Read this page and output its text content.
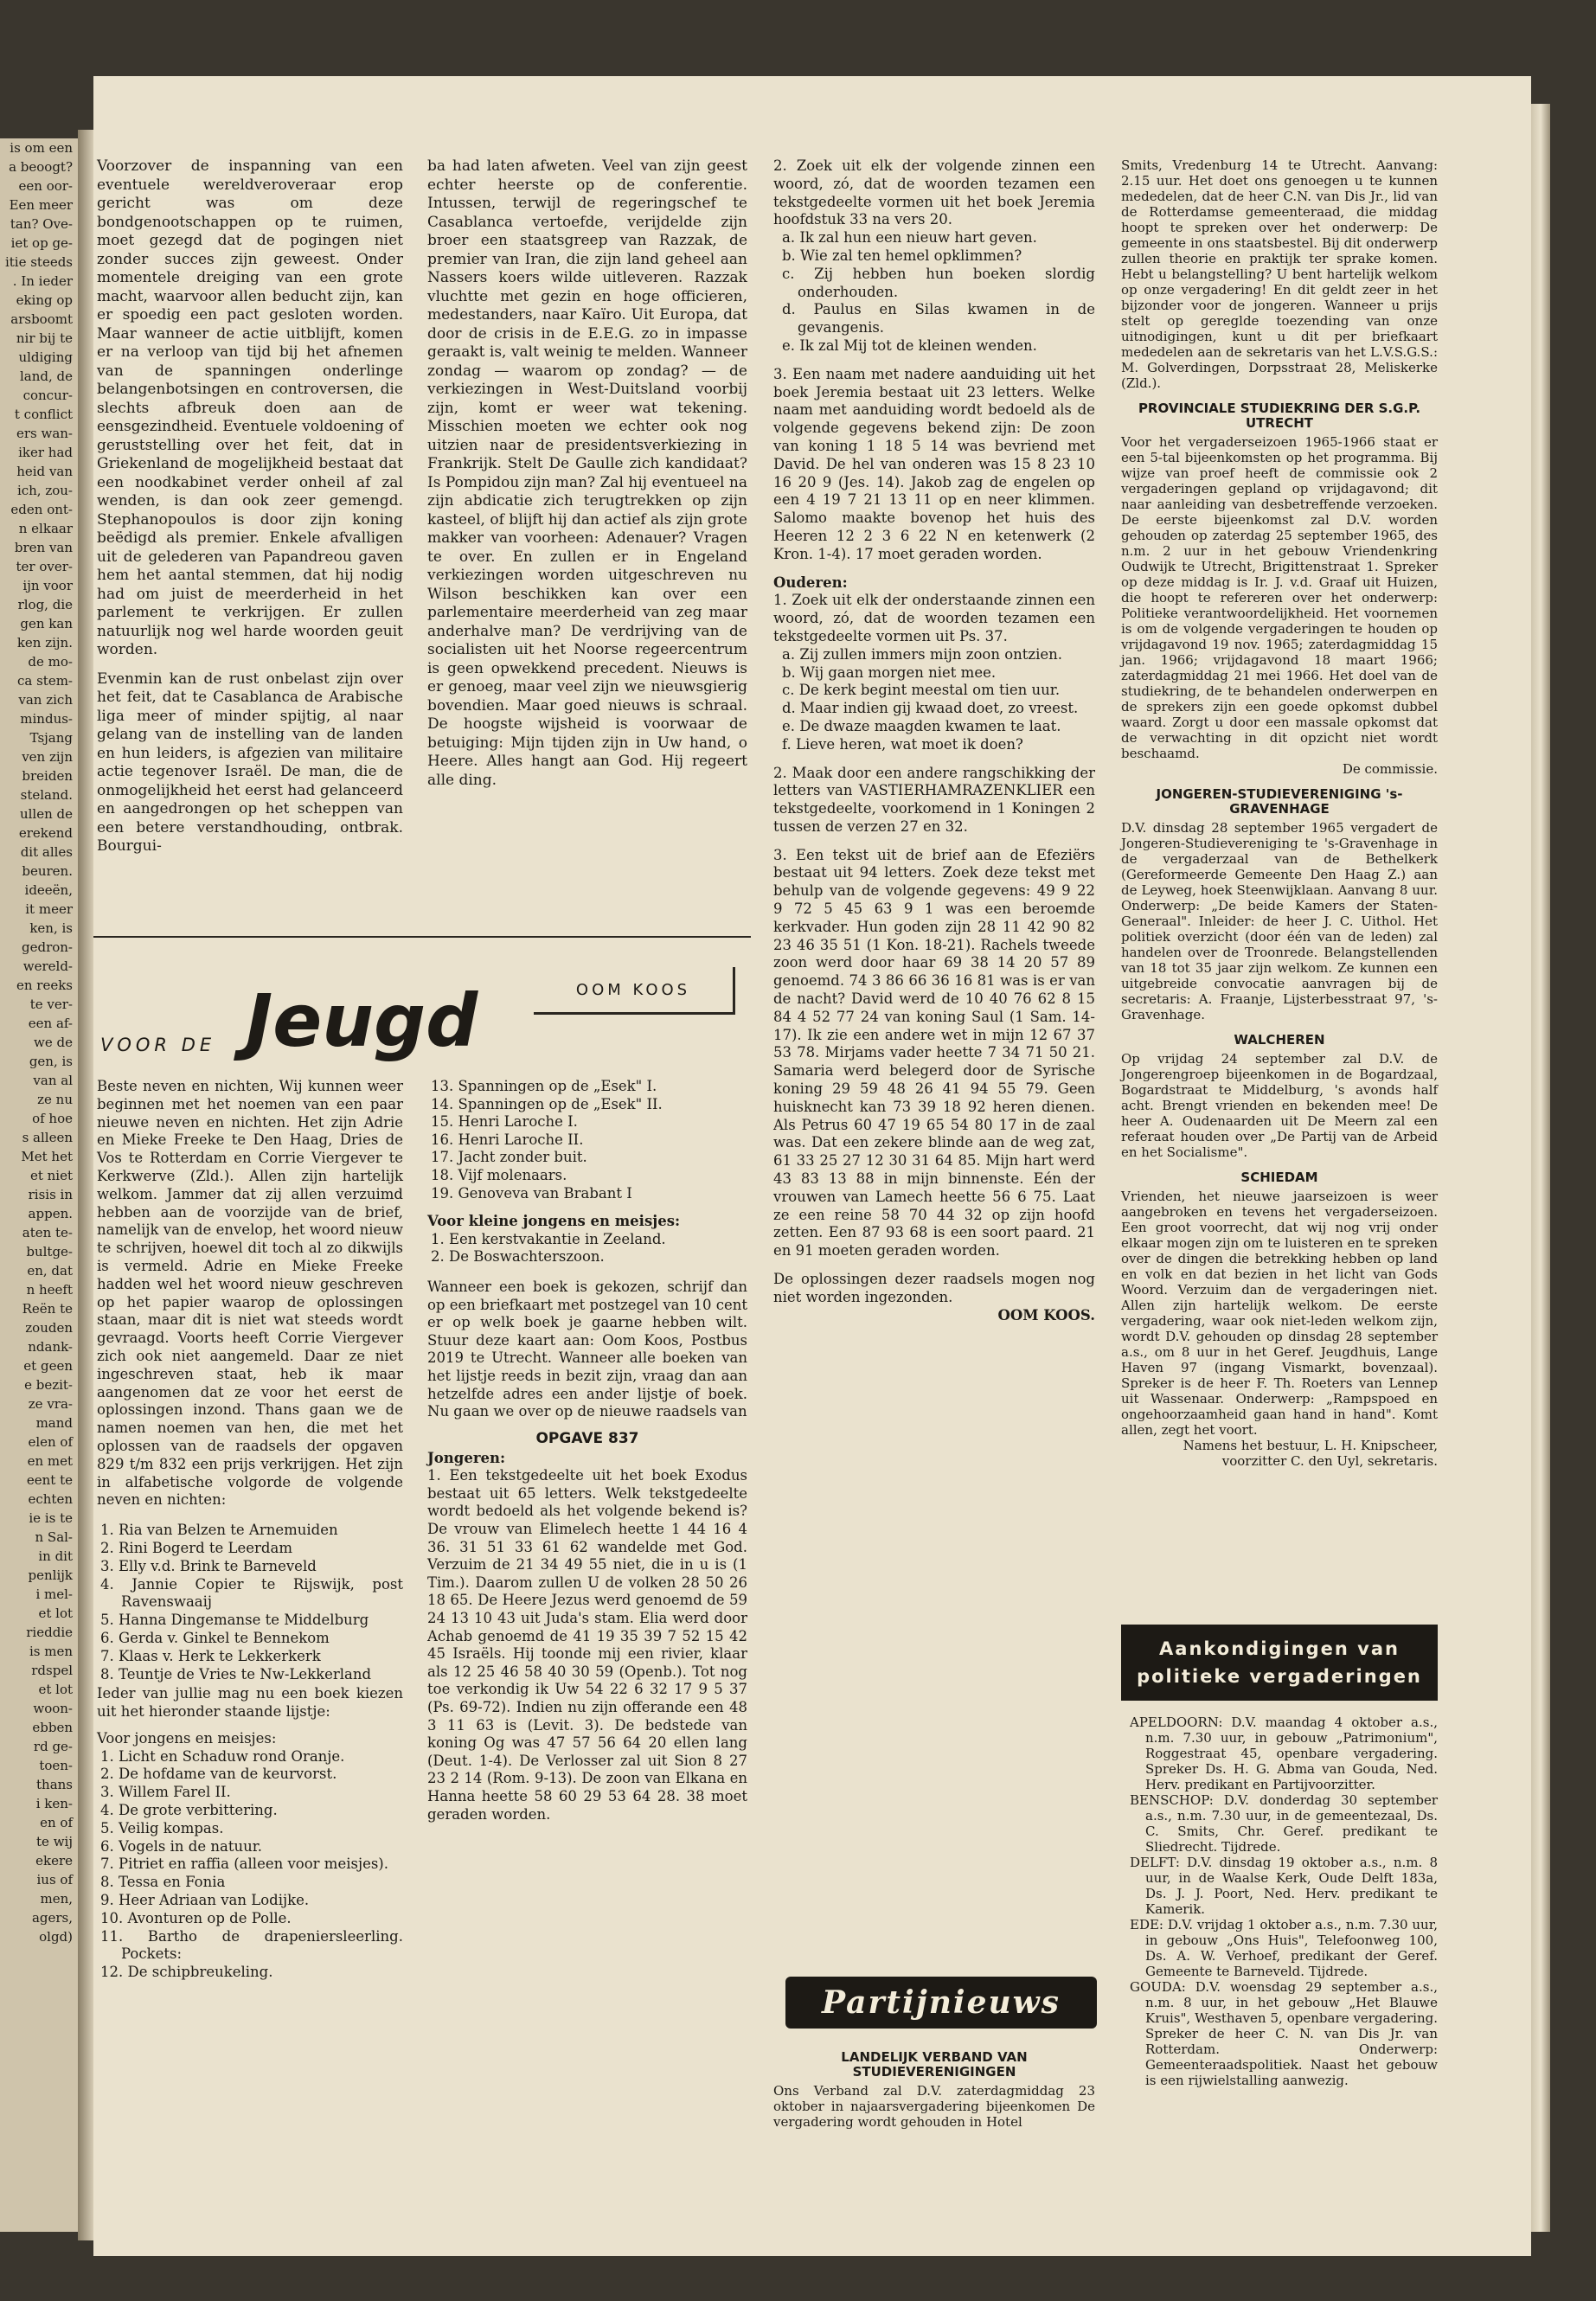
is om een
a beoogt?
een oor-
Een meer
tan? Ove-
iet op ge-
itie steeds
. In ieder
eking op
arsboomt
nir bij te
uldiging
land, de
concur-
t conflict
ers wan-
iker had
heid van
ich, zou-
eden ont-
n elkaar
bren van
ter over-
ijn voor
rlog, die
gen kan
ken zijn.
de mo-
ca stem-
van zich
mindus-
Tsjang
ven zijn
breiden
steland.
ullen de
erekend
dit alles
beuren.
ideeën,
it meer
ken, is
gedron-
wereld-
en reeks
te ver-
een af-
we de
gen, is
van al
ze nu
of hoe
s alleen
Met het
et niet
risis in
appen.
aten te-
bultge-
en, dat
n heeft
Reën te
zouden
ndank-
et geen
e bezit-
ze vra-
mand
elen of
en met
eent te
echten
ie is te
n Sal-
in dit
penlijk
i mel-
et lot
rieddie
is men
rdspel
et lot
woon-
ebben
rd ge-
toen-
thans
i ken-
en of
te wij
ekere
ius of
men,
agers,
olgd)

Voorzover de inspanning van een eventuele wereldveroveraar erop gericht was om deze bondgenootschappen op te ruimen, moet gezegd dat de pogingen niet zonder succes zijn geweest. Onder momentele dreiging van een grote macht, waarvoor allen beducht zijn, kan er spoedig een pact gesloten worden. Maar wanneer de actie uitblijft, komen er na verloop van tijd bij het afnemen van de spanningen onderlinge belangenbotsingen en controversen, die slechts afbreuk doen aan de eensgezindheid. Eventuele voldoening of geruststelling over het feit, dat in Griekenland de mogelijkheid bestaat dat een noodkabinet verder onheil af zal wenden, is dan ook zeer gemengd. Stephanopoulos is door zijn koning beëdigd als premier. Enkele afvalligen uit de gelederen van Papandreou gaven hem het aantal stemmen, dat hij nodig had om juist de meerderheid in het parlement te verkrijgen. Er zullen natuurlijk nog wel harde woorden geuit worden.

Evenmin kan de rust onbelast zijn over het feit, dat te Casablanca de Arabische liga meer of minder spijtig, al naar gelang van de instelling van de landen en hun leiders, is afgezien van militaire actie tegenover Israël. De man, die de onmogelijkheid het eerst had gelanceerd en aangedrongen op het scheppen van een betere verstandhouding, ontbrak. Bourgui-

ba had laten afweten. Veel van zijn geest echter heerste op de conferentie. Intussen, terwijl de regeringschef te Casablanca vertoefde, verijdelde zijn broer een staatsgreep van Razzak, de premier van Iran, die zijn land geheel aan Nassers koers wilde uitleveren. Razzak vluchtte met gezin en hoge officieren, medestanders, naar Kaïro. Uit Europa, dat door de crisis in de E.E.G. zo in impasse geraakt is, valt weinig te melden. Wanneer zondag — waarom op zondag? — de verkiezingen in West-Duitsland voorbij zijn, komt er weer wat tekening. Misschien moeten we echter ook nog uitzien naar de presidentsverkiezing in Frankrijk. Stelt De Gaulle zich kandidaat? Is Pompidou zijn man? Zal hij eventueel na zijn abdicatie zich terugtrekken op zijn kasteel, of blijft hij dan actief als zijn grote makker van voorheen: Adenauer? Vragen te over. En zullen er in Engeland verkiezingen worden uitgeschreven nu Wilson beschikken kan over een parlementaire meerderheid van zeg maar anderhalve man? De verdrijving van de socialisten uit het Noorse regeercentrum is geen opwekkend precedent. Nieuws is er genoeg, maar veel zijn we nieuwsgierig bovendien. Maar goed nieuws is schraal. De hoogste wijsheid is voorwaar de betuiging: Mijn tijden zijn in Uw hand, o Heere. Alles hangt aan God. Hij regeert alle ding.

OOM KOOS
VOOR DE Jeugd

Beste neven en nichten, Wij kunnen weer beginnen met het noemen van een paar nieuwe neven en nichten. Het zijn Adrie en Mieke Freeke te Den Haag, Dries de Vos te Rotterdam en Corrie Viergever te Kerkwerve (Zld.). Allen zijn hartelijk welkom. Jammer dat zij allen verzuimd hebben aan de voorzijde van de brief, namelijk van de envelop, het woord nieuw te schrijven, hoewel dit toch al zo dikwijls is vermeld. Adrie en Mieke Freeke hadden wel het woord nieuw geschreven op het papier waarop de oplossingen staan, maar dit is niet wat steeds wordt gevraagd. Voorts heeft Corrie Viergever zich ook niet aangemeld. Daar ze niet ingeschreven staat, heb ik maar aangenomen dat ze voor het eerst de oplossingen inzond. Thans gaan we de namen noemen van hen, die met het oplossen van de raadsels der opgaven 829 t/m 832 een prijs verkrijgen. Het zijn in alfabetische volgorde de volgende neven en nichten:

1. Ria van Belzen te Arnemuiden
2. Rini Bogerd te Leerdam
3. Elly v.d. Brink te Barneveld
4. Jannie Copier te Rijswijk, post Ravenswaaij
5. Hanna Dingemanse te Middelburg
6. Gerda v. Ginkel te Bennekom
7. Klaas v. Herk te Lekkerkerk
8. Teuntje de Vries te Nw-Lekkerland

Ieder van jullie mag nu een boek kiezen uit het hieronder staande lijstje:

Voor jongens en meisjes:

1. Licht en Schaduw rond Oranje.
2. De hofdame van de keurvorst.
3. Willem Farel II.
4. De grote verbittering.
5. Veilig kompas.
6. Vogels in de natuur.
7. Pitriet en raffia (alleen voor meisjes).
8. Tessa en Fonia
9. Heer Adriaan van Lodijke.
10. Avonturen op de Polle.
11. Bartho de drapeniersleerling. Pockets:
12. De schipbreukeling.
13. Spanningen op de „Esek" I.
14. Spanningen op de „Esek" II.
15. Henri Laroche I.
16. Henri Laroche II.
17. Jacht zonder buit.
18. Vijf molenaars.
19. Genoveva van Brabant I

Voor kleine jongens en meisjes:

1. Een kerstvakantie in Zeeland.
2. De Boswachterszoon.

Wanneer een boek is gekozen, schrijf dan op een briefkaart met postzegel van 10 cent er op welk boek je gaarne hebben wilt. Stuur deze kaart aan: Oom Koos, Postbus 2019 te Utrecht. Wanneer alle boeken van het lijstje reeds in bezit zijn, vraag dan aan hetzelfde adres een ander lijstje of boek. Nu gaan we over op de nieuwe raadsels van

OPGAVE 837

Jongeren:

1. Een tekstgedeelte uit het boek Exodus bestaat uit 65 letters. Welk tekstgedeelte wordt bedoeld als het volgende bekend is? De vrouw van Elimelech heette 1 44 16 4 36. 31 51 33 61 62 wandelde met God. Verzuim de 21 34 49 55 niet, die in u is (1 Tim.). Daarom zullen U de volken 28 50 26 18 65. De Heere Jezus werd genoemd de 59 24 13 10 43 uit Juda's stam. Elia werd door Achab genoemd de 41 19 35 39 7 52 15 42 45 Israëls. Hij toonde mij een rivier, klaar als 12 25 46 58 40 30 59 (Openb.). Tot nog toe verkondig ik Uw 54 22 6 32 17 9 5 37 (Ps. 69-72). Indien nu zijn offerande een 48 3 11 63 is (Levit. 3). De bedstede van koning Og was 47 57 56 64 20 ellen lang (Deut. 1-4). De Verlosser zal uit Sion 8 27 23 2 14 (Rom. 9-13). De zoon van Elkana en Hanna heette 58 60 29 53 64 28. 38 moet geraden worden.

2. Zoek uit elk der volgende zinnen een woord, zó, dat de woorden tezamen een tekstgedeelte vormen uit het boek Jeremia hoofdstuk 33 na vers 20.

a. Ik zal hun een nieuw hart geven.
b. Wie zal ten hemel opklimmen?
c. Zij hebben hun boeken slordig onderhouden.
d. Paulus en Silas kwamen in de gevangenis.
e. Ik zal Mij tot de kleinen wenden.

3. Een naam met nadere aanduiding uit het boek Jeremia bestaat uit 23 letters. Welke naam met aanduiding wordt bedoeld als de volgende gegevens bekend zijn: De zoon van koning 1 18 5 14 was bevriend met David. De hel van onderen was 15 8 23 10 16 20 9 (Jes. 14). Jakob zag de engelen op een 4 19 7 21 13 11 op en neer klimmen. Salomo maakte bovenop het huis des Heeren 12 2 3 6 22 N en ketenwerk (2 Kron. 1-4). 17 moet geraden worden.

Ouderen:

1. Zoek uit elk der onderstaande zinnen een woord, zó, dat de woorden tezamen een tekstgedeelte vormen uit Ps. 37.

a. Zij zullen immers mijn zoon ontzien.
b. Wij gaan morgen niet mee.
c. De kerk begint meestal om tien uur.
d. Maar indien gij kwaad doet, zo vreest.
e. De dwaze maagden kwamen te laat.
f. Lieve heren, wat moet ik doen?

2. Maak door een andere rangschikking der letters van VASTIERHAMRAZENKLIER een tekstgedeelte, voorkomend in 1 Koningen 2 tussen de verzen 27 en 32.

3. Een tekst uit de brief aan de Efeziërs bestaat uit 94 letters. Zoek deze tekst met behulp van de volgende gegevens: 49 9 22 9 72 5 45 63 9 1 was een beroemde kerkvader. Hun goden zijn 28 11 42 90 82 23 46 35 51 (1 Kon. 18-21). Rachels tweede zoon werd door haar 69 38 14 20 57 89 genoemd. 74 3 86 66 36 16 81 was is er van de nacht? David werd de 10 40 76 62 8 15 84 4 52 77 24 van koning Saul (1 Sam. 14-17). Ik zie een andere wet in mijn 12 67 37 53 78. Mirjams vader heette 7 34 71 50 21. Samaria werd belegerd door de Syrische koning 29 59 48 26 41 94 55 79. Geen huisknecht kan 73 39 18 92 heren dienen. Als Petrus 60 47 19 65 54 80 17 in de zaal was. Dat een zekere blinde aan de weg zat, 61 33 25 27 12 30 31 64 85. Mijn hart werd 43 83 13 88 in mijn binnenste. Eén der vrouwen van Lamech heette 56 6 75. Laat ze een reine 58 70 44 32 op zijn hoofd zetten. Een 87 93 68 is een soort paard. 21 en 91 moeten geraden worden.

De oplossingen dezer raadsels mogen nog niet worden ingezonden.

OOM KOOS.

Partijnieuws
LANDELIJK VERBAND VAN STUDIEVERENIGINGEN

Ons Verband zal D.V. zaterdagmiddag 23 oktober in najaarsvergadering bijeenkomen De vergadering wordt gehouden in Hotel

Smits, Vredenburg 14 te Utrecht. Aanvang: 2.15 uur. Het doet ons genoegen u te kunnen mededelen, dat de heer C.N. van Dis Jr., lid van de Rotterdamse gemeenteraad, die middag hoopt te spreken over het onderwerp: De gemeente in ons staatsbestel. Bij dit onderwerp zullen theorie en praktijk ter sprake komen. Hebt u belangstelling? U bent hartelijk welkom op onze vergadering! En dit geldt zeer in het bijzonder voor de jongeren. Wanneer u prijs stelt op gereglde toezending van onze uitnodigingen, kunt u dit per briefkaart mededelen aan de sekretaris van het L.V.S.G.S.: M. Golverdingen, Dorpsstraat 28, Meliskerke (Zld.).

PROVINCIALE STUDIEKRING DER S.G.P. UTRECHT

Voor het vergaderseizoen 1965-1966 staat er een 5-tal bijeenkomsten op het programma. Bij wijze van proef heeft de commissie ook 2 vergaderingen gepland op vrijdagavond; dit naar aanleiding van desbetreffende verzoeken. De eerste bijeenkomst zal D.V. worden gehouden op zaterdag 25 september 1965, des n.m. 2 uur in het gebouw Vriendenkring Oudwijk te Utrecht, Brigittenstraat 1. Spreker op deze middag is Ir. J. v.d. Graaf uit Huizen, die hoopt te refereren over het onderwerp: Politieke verantwoordelijkheid. Het voornemen is om de volgende vergaderingen te houden op vrijdagavond 19 nov. 1965; zaterdagmiddag 15 jan. 1966; vrijdagavond 18 maart 1966; zaterdagmiddag 21 mei 1966. Het doel van de studiekring, de te behandelen onderwerpen en de sprekers zijn een goede opkomst dubbel waard. Zorgt u door een massale opkomst dat de verwachting in dit opzicht niet wordt beschaamd.

De commissie.

JONGEREN-STUDIEVERENIGING 's-GRAVENHAGE

D.V. dinsdag 28 september 1965 vergadert de Jongeren-Studievereniging te 's-Gravenhage in de vergaderzaal van de Bethelkerk (Gereformeerde Gemeente Den Haag Z.) aan de Leyweg, hoek Steenwijklaan. Aanvang 8 uur. Onderwerp: „De beide Kamers der Staten-Generaal". Inleider: de heer J. C. Uithol. Het politiek overzicht (door één van de leden) zal handelen over de Troonrede. Belangstellenden van 18 tot 35 jaar zijn welkom. Ze kunnen een uitgebreide convocatie aanvragen bij de secretaris: A. Fraanje, Lijsterbesstraat 97, 's-Gravenhage.

WALCHEREN

Op vrijdag 24 september zal D.V. de Jongerengroep bijeenkomen in de Bogardzaal, Bogardstraat te Middelburg, 's avonds half acht. Brengt vrienden en bekenden mee! De heer A. Oudenaarden uit De Meern zal een referaat houden over „De Partij van de Arbeid en het Socialisme".

SCHIEDAM

Vrienden, het nieuwe jaarseizoen is weer aangebroken en tevens het vergaderseizoen. Een groot voorrecht, dat wij nog vrij onder elkaar mogen zijn om te luisteren en te spreken over de dingen die betrekking hebben op land en volk en dat bezien in het licht van Gods Woord. Verzuim dan de vergaderingen niet. Allen zijn hartelijk welkom. De eerste vergadering, waar ook niet-leden welkom zijn, wordt D.V. gehouden op dinsdag 28 september a.s., om 8 uur in het Geref. Jeugdhuis, Lange Haven 97 (ingang Vismarkt, bovenzaal). Spreker is de heer F. Th. Roeters van Lennep uit Wassenaar. Onderwerp: „Rampspoed en ongehoorzaamheid gaan hand in hand". Komt allen, zegt het voort.

Namens het bestuur, L. H. Knipscheer, voorzitter C. den Uyl, sekretaris.

Aankondigingen van politieke vergaderingen
APELDOORN: D.V. maandag 4 oktober a.s., n.m. 7.30 uur, in gebouw „Patrimonium", Roggestraat 45, openbare vergadering. Spreker Ds. H. G. Abma van Gouda, Ned. Herv. predikant en Partijvoorzitter.
BENSCHOP: D.V. donderdag 30 september a.s., n.m. 7.30 uur, in de gemeentezaal, Ds. C. Smits, Chr. Geref. predikant te Sliedrecht. Tijdrede.
DELFT: D.V. dinsdag 19 oktober a.s., n.m. 8 uur, in de Waalse Kerk, Oude Delft 183a, Ds. J. J. Poort, Ned. Herv. predikant te Kamerik.
EDE: D.V. vrijdag 1 oktober a.s., n.m. 7.30 uur, in gebouw „Ons Huis", Telefoonweg 100, Ds. A. W. Verhoef, predikant der Geref. Gemeente te Barneveld. Tijdrede.
GOUDA: D.V. woensdag 29 september a.s., n.m. 8 uur, in het gebouw „Het Blauwe Kruis", Westhaven 5, openbare vergadering. Spreker de heer C. N. van Dis Jr. van Rotterdam. Onderwerp: Gemeenteraadspolitiek. Naast het gebouw is een rijwielstalling aanwezig.
